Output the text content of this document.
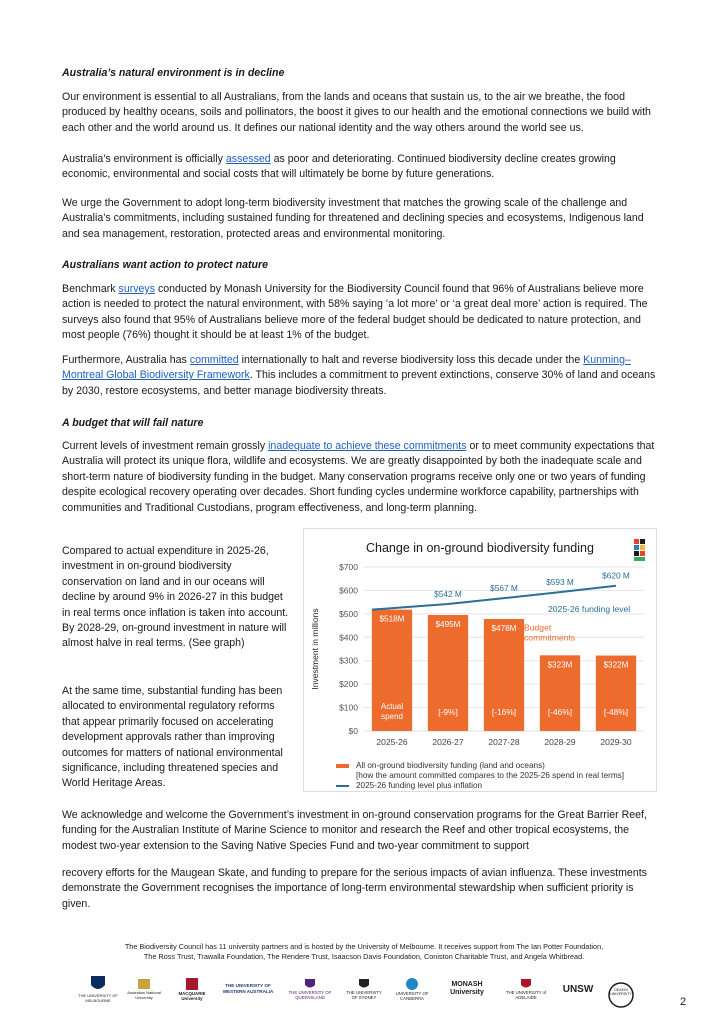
Australia’s natural environment is in decline

Our environment is essential to all Australians, from the lands and oceans that sustain us, to the air we breathe, the food produced by healthy oceans, soils and pollinators, the boost it gives to our health and the emotional connections we build with each other and the world around us. It defines our national identity and the way others around the world see us.

Australia’s environment is officially assessed as poor and deteriorating. Continued biodiversity decline creates growing economic, environmental and social costs that will ultimately be borne by future generations.

We urge the Government to adopt long-term biodiversity investment that matches the growing scale of the challenge and Australia’s commitments, including sustained funding for threatened and declining species and ecosystems, Indigenous land and sea management, restoration, protected areas and environmental monitoring.

Australians want action to protect nature

Benchmark surveys conducted by Monash University for the Biodiversity Council found that 96% of Australians believe more action is needed to protect the natural environment, with 58% saying ‘a lot more’ or ‘a great deal more’ action is required. The surveys also found that 95% of Australians believe more of the federal budget should be dedicated to nature protection, and most people (76%) thought it should be at least 1% of the budget.

Furthermore, Australia has committed internationally to halt and reverse biodiversity loss this decade under the Kunming–Montreal Global Biodiversity Framework. This includes a commitment to prevent extinctions, conserve 30% of land and oceans by 2030, restore ecosystems, and better manage biodiversity threats.

A budget that will fail nature

Current levels of investment remain grossly inadequate to achieve these commitments or to meet community expectations that Australia will protect its unique flora, wildlife and ecosystems. We are greatly disappointed by both the inadequate scale and short-term nature of biodiversity funding in the budget. Many conservation programs receive only one or two years of funding despite ecological recovery operating over decades. Short funding cycles undermine workforce capability, partnerships with communities and Traditional Custodians, program effectiveness, and long-term planning.

Compared to actual expenditure in 2025-26, investment in on-ground biodiversity conservation on land and in our oceans will decline by around 9% in 2026-27 in this budget in real terms once inflation is taken into account. By 2028-29, on-ground investment in nature will almost halve in real terms. (See graph)

At the same time, substantial funding has been allocated to environmental regulatory reforms that appear primarily focused on accelerating development approvals rather than improving outcomes for matters of national environmental significance, including threatened species and World Heritage Areas.

We acknowledge and welcome the Government’s investment in on-ground conservation programs for the Great Barrier Reef, funding for the Australian Institute of Marine Science to monitor and research the Reef and other tropical ecosystems, the modest two-year extension to the Saving Native Species Fund and two-year commitment to support

recovery efforts for the Maugean Skate, and funding to prepare for the serious impacts of avian influenza. These investments demonstrate the Government recognises the importance of long-term environmental stewardship when sufficient priority is given.

Change in on-ground biodiversity funding
$0
$100
$200
$300
$400
$500
$600
$700
Investment in millions	$518M
Actual
spend
2025-26
$495M
[-9%]
2026-27
$478M
[-16%]
2027-28
$323M
[-46%]
2028-29
$322M
[-48%]
2029-30
$542 M
$567 M
$593 M
$620 M
2025-26 funding level
Budget
commitments
All on-ground biodiversity funding (land and oceans)
[how the amount committed compares to the 2025-26 spend in real terms]
2025-26 funding level plus inflation
The Biodiversity Council has 11 university partners and is hosted by the University of Melbourne. It receives support from The Ian Potter Foundation,
The Ross Trust, Trawalla Foundation, The Rendere Trust, Isaacson Davis Foundation, Coniston Charitable Trust, and Angela Whitbread.
THE UNIVERSITY OF MELBOURNE
Australian National University
MACQUARIE University
THE UNIVERSITY OF WESTERN AUSTRALIA	THE UNIVERSITY OF QUEENSLAND
THE UNIVERSITY OF SYDNEY
UNIVERSITY OF CANBERRA
MONASH University	THE UNIVERSITY of ADELAIDE
UNSW	DEAKIN UNIVERSITY
2
